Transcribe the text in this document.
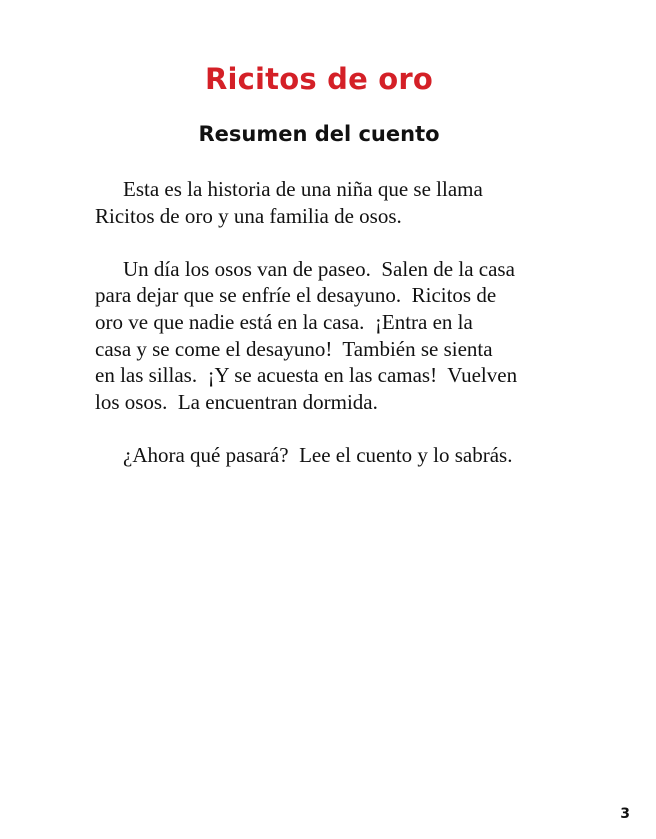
Ricitos de oro
Resumen del cuento

Esta es la historia de una niña que se llama
Ricitos de oro y una familia de osos.

Un día los osos van de paseo.  Salen de la casa
para dejar que se enfríe el desayuno.  Ricitos de
oro ve que nadie está en la casa.  ¡Entra en la
casa y se come el desayuno!  También se sienta
en las sillas.  ¡Y se acuesta en las camas!  Vuelven
los osos.  La encuentran dormida.

¿Ahora qué pasará?  Lee el cuento y lo sabrás.

3
